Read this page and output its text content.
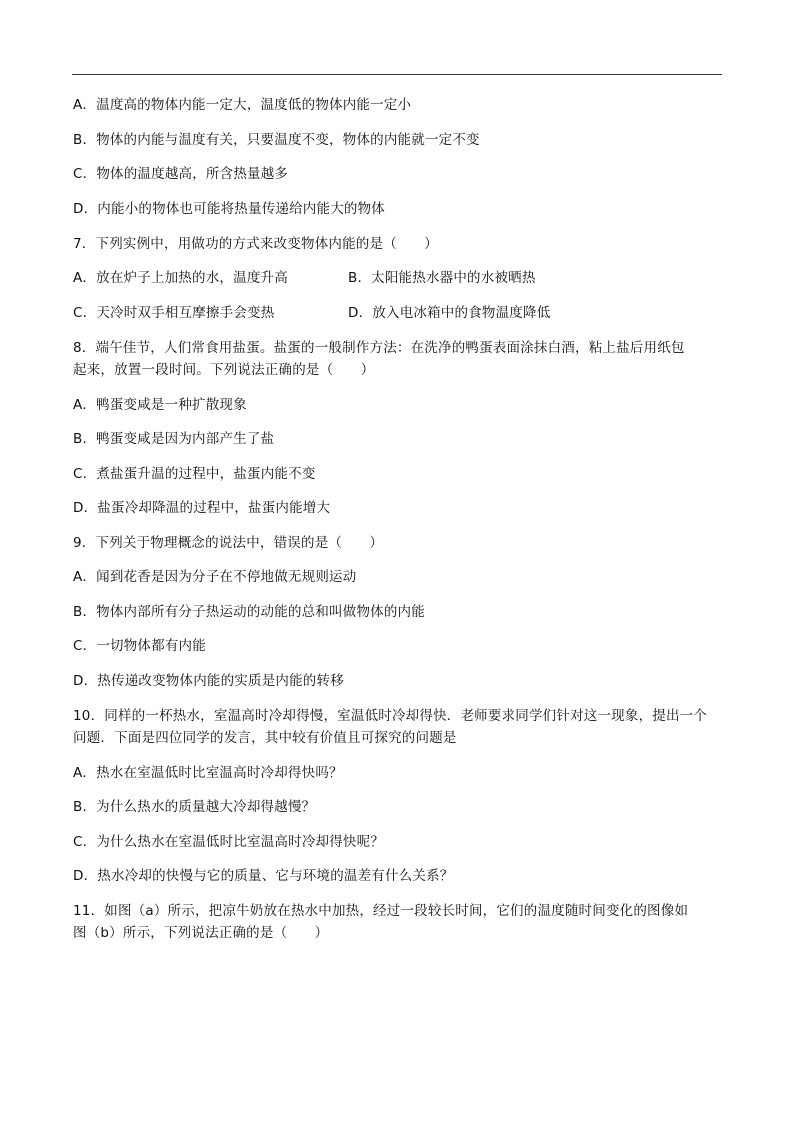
A．温度高的物体内能一定大，温度低的物体内能一定小
B．物体的内能与温度有关，只要温度不变，物体的内能就一定不变
C．物体的温度越高，所含热量越多
D．内能小的物体也可能将热量传递给内能大的物体
7．下列实例中，用做功的方式来改变物体内能的是（　　）
A．放在炉子上加热的水，温度升高	B．太阳能热水器中的水被晒热
C．天冷时双手相互摩擦手会变热	D．放入电冰箱中的食物温度降低
8．端午佳节，人们常食用盐蛋。盐蛋的一般制作方法：在洗净的鸭蛋表面涂抹白酒，粘上盐后用纸包
起来，放置一段时间。下列说法正确的是（　　）
A．鸭蛋变咸是一种扩散现象
B．鸭蛋变咸是因为内部产生了盐
C．煮盐蛋升温的过程中，盐蛋内能不变
D．盐蛋冷却降温的过程中，盐蛋内能增大
9．下列关于物理概念的说法中，错误的是（　　）
A．闻到花香是因为分子在不停地做无规则运动
B．物体内部所有分子热运动的动能的总和叫做物体的内能
C．一切物体都有内能
D．热传递改变物体内能的实质是内能的转移
10．同样的一杯热水，室温高时冷却得慢，室温低时冷却得快．老师要求同学们针对这一现象，提出一个
问题．下面是四位同学的发言，其中较有价值且可探究的问题是
A．热水在室温低时比室温高时冷却得快吗？
B．为什么热水的质量越大冷却得越慢？
C．为什么热水在室温低时比室温高时冷却得快呢？
D．热水冷却的快慢与它的质量、它与环境的温差有什么关系？
11．如图（a）所示，把凉牛奶放在热水中加热，经过一段较长时间，它们的温度随时间变化的图像如
图（b）所示，下列说法正确的是（　　）
